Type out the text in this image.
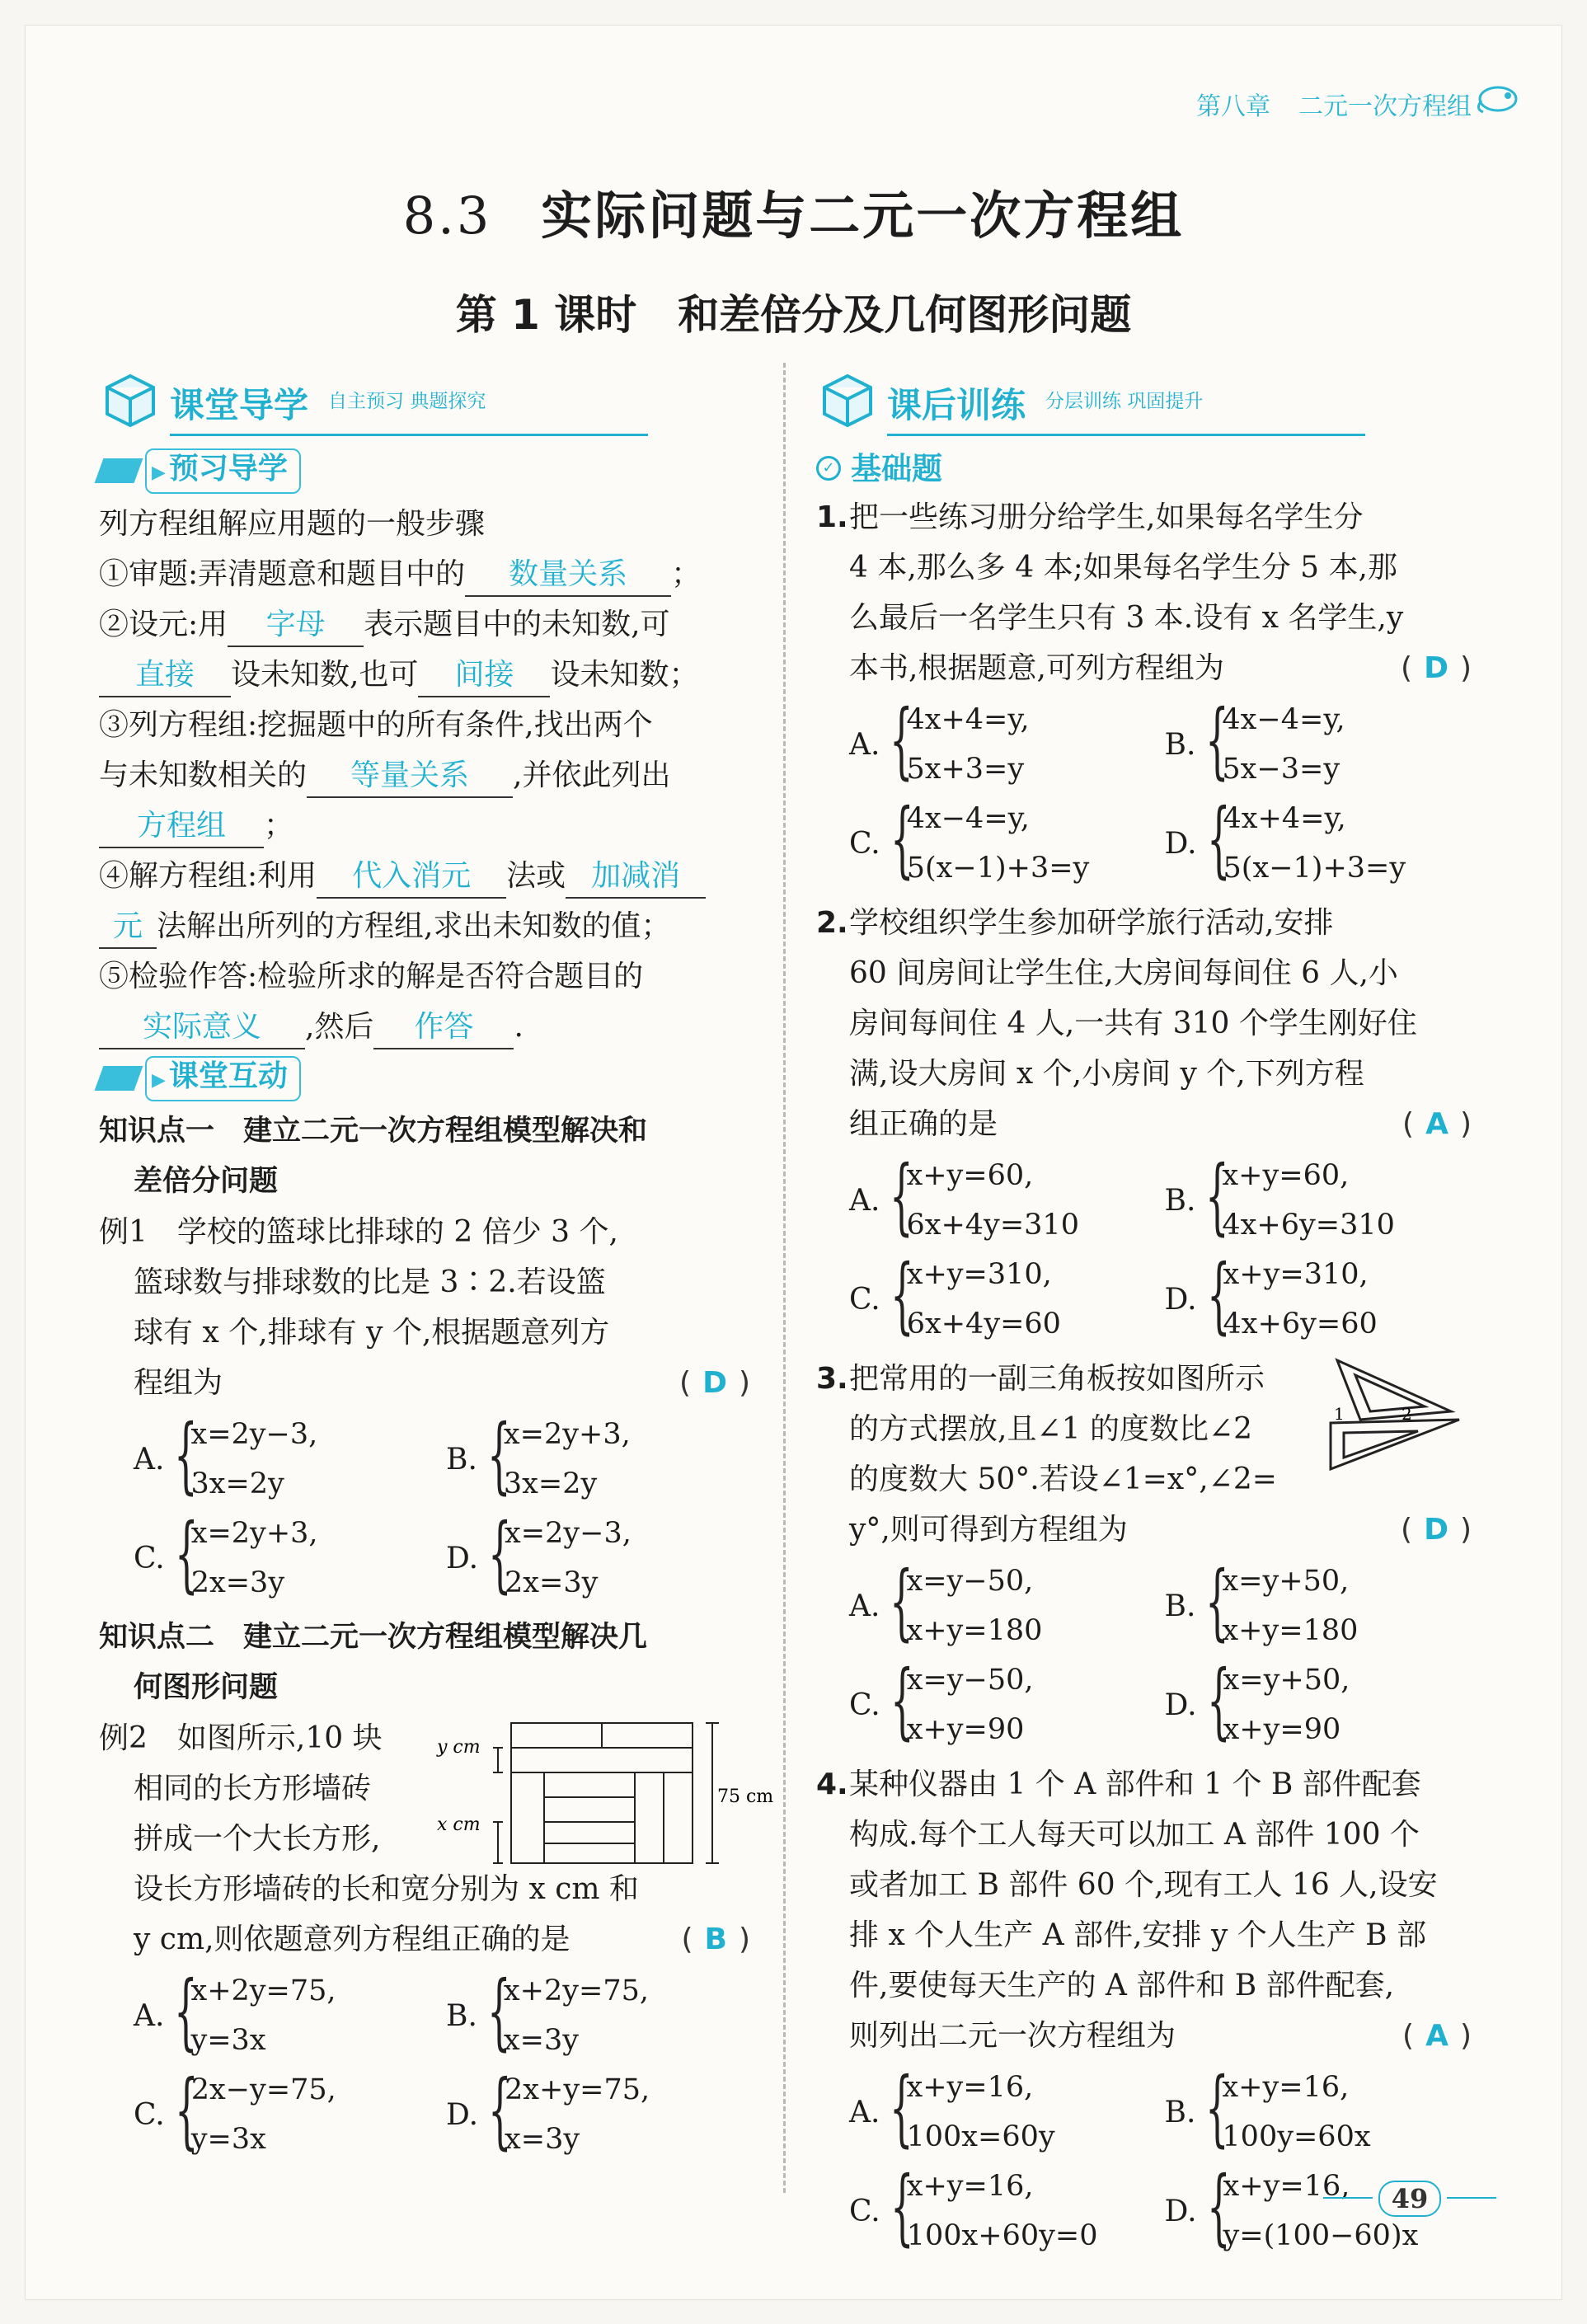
第八章 二元一次方程组
8.3 实际问题与二元一次方程组
第 1 课时 和差倍分及几何图形问题
课堂导学 自主预习 典题探究
▶ 预习导学

列方程组解应用题的一般步骤

①审题:弄清题意和题目中的 数量关系 ；

②设元:用 字母 表示题目中的未知数,可

直接 设未知数,也可 间接 设未知数；

③列方程组:挖掘题中的所有条件,找出两个

与未知数相关的 等量关系 ,并依此列出

方程组 ；

④解方程组:利用 代入消元 法或 加减消

元 法解出所列的方程组,求出未知数的值；

⑤检验作答:检验所求的解是否符合题目的

实际意义 ,然后 作答 .

▶ 课堂互动

知识点一　建立二元一次方程组模型解决和

差倍分问题

例1　学校的篮球比排球的 2 倍少 3 个,

篮球数与排球数的比是 3∶2.若设篮

球有 x 个,排球有 y 个,根据题意列方

程组为	( D )

A. {
x=2y−3,
3x=2y
B. {
x=2y+3,
3x=2y
C. {
x=2y+3,
2x=3y
D. {
x=2y−3,
2x=3y

知识点二　建立二元一次方程组模型解决几

何图形问题

例2　如图所示,10 块

相同的长方形墙砖

拼成一个大长方形,

y cm
x cm
75 cm

设长方形墙砖的长和宽分别为 x cm 和

y cm,则依题意列方程组正确的是	( B )

A. {
x+2y=75,
y=3x
B. {
x+2y=75,
x=3y
C. {
2x−y=75,
y=3x
D. {
2x+y=75,
x=3y
课后训练 分层训练 巩固提升
✓ 基础题
1. 把一些练习册分给学生,如果每名学生分

4 本,那么多 4 本;如果每名学生分 5 本,那

么最后一名学生只有 3 本.设有 x 名学生,y

本书,根据题意,可列方程组为	( D )

A. {
4x+4=y,
5x+3=y
B. {
4x−4=y,
5x−3=y
C. {
4x−4=y,
5(x−1)+3=y
D. {
4x+4=y,
5(x−1)+3=y
2. 学校组织学生参加研学旅行活动,安排

60 间房间让学生住,大房间每间住 6 人,小

房间每间住 4 人,一共有 310 个学生刚好住

满,设大房间 x 个,小房间 y 个,下列方程

组正确的是	( A )

A. {
x+y=60,
6x+4y=310
B. {
x+y=60,
4x+6y=310
C. {
x+y=310,
6x+4y=60
D. {
x+y=310,
4x+6y=60
3. 把常用的一副三角板按如图所示

的方式摆放,且∠1 的度数比∠2

的度数大 50°.若设∠1=x°,∠2=

y°,则可得到方程组为	( D )

A. {
x=y−50,
x+y=180
B. {
x=y+50,
x+y=180
C. {
x=y−50,
x+y=90
D. {
x=y+50,
x+y=90
1	2
4. 某种仪器由 1 个 A 部件和 1 个 B 部件配套

构成.每个工人每天可以加工 A 部件 100 个

或者加工 B 部件 60 个,现有工人 16 人,设安

排 x 个人生产 A 部件,安排 y 个人生产 B 部

件,要使每天生产的 A 部件和 B 部件配套,

则列出二元一次方程组为	( A )

A. {
x+y=16,
100x=60y
B. {
x+y=16,
100y=60x
C. {
x+y=16,
100x+60y=0
D. {
x+y=16,
y=(100−60)x
49
